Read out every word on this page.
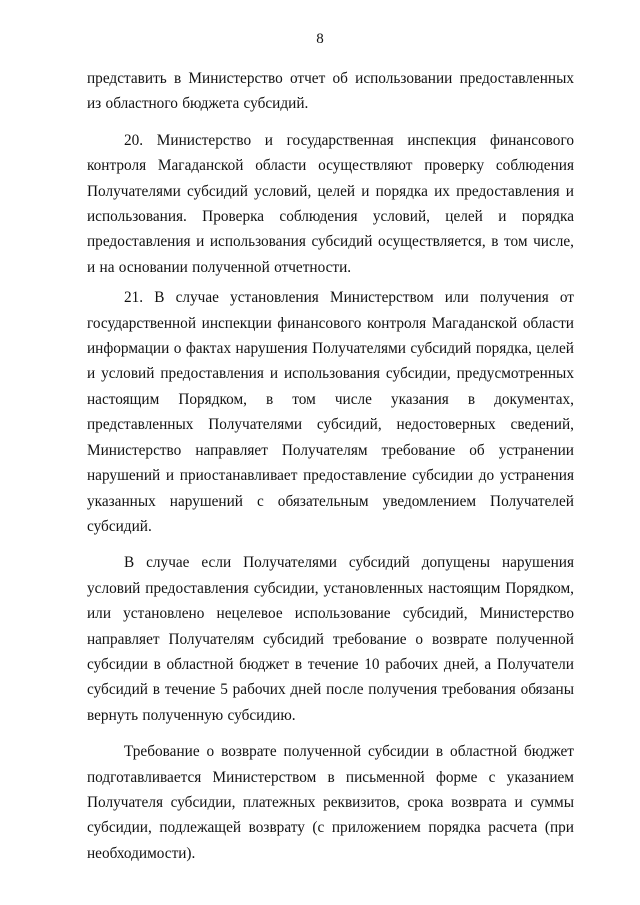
8

представить в Министерство отчет об использовании предоставленных из областного бюджета субсидий.

20. Министерство и государственная инспекция финансового контроля Магаданской области осуществляют проверку соблюдения Получателями субсидий условий, целей и порядка их предоставления и использования. Проверка соблюдения условий, целей и порядка предоставления и использования субсидий осуществляется, в том числе, и на основании полученной отчетности.

21. В случае установления Министерством или получения от государственной инспекции финансового контроля Магаданской области информации о фактах нарушения Получателями субсидий порядка, целей и условий предоставления и использования субсидии, предусмотренных настоящим Порядком, в том числе указания в документах, представленных Получателями субсидий, недостоверных сведений, Министерство направляет Получателям требование об устранении нарушений и приостанавливает предоставление субсидии до устранения указанных нарушений с обязательным уведомлением Получателей субсидий.

В случае если Получателями субсидий допущены нарушения условий предоставления субсидии, установленных настоящим Порядком, или установлено нецелевое использование субсидий, Министерство направляет Получателям субсидий требование о возврате полученной субсидии в областной бюджет в течение 10 рабочих дней, а Получатели субсидий в течение 5 рабочих дней после получения требования обязаны вернуть полученную субсидию.

Требование о возврате полученной субсидии в областной бюджет подготавливается Министерством в письменной форме с указанием Получателя субсидии, платежных реквизитов, срока возврата и суммы субсидии, подлежащей возврату (с приложением порядка расчета (при необходимости).
